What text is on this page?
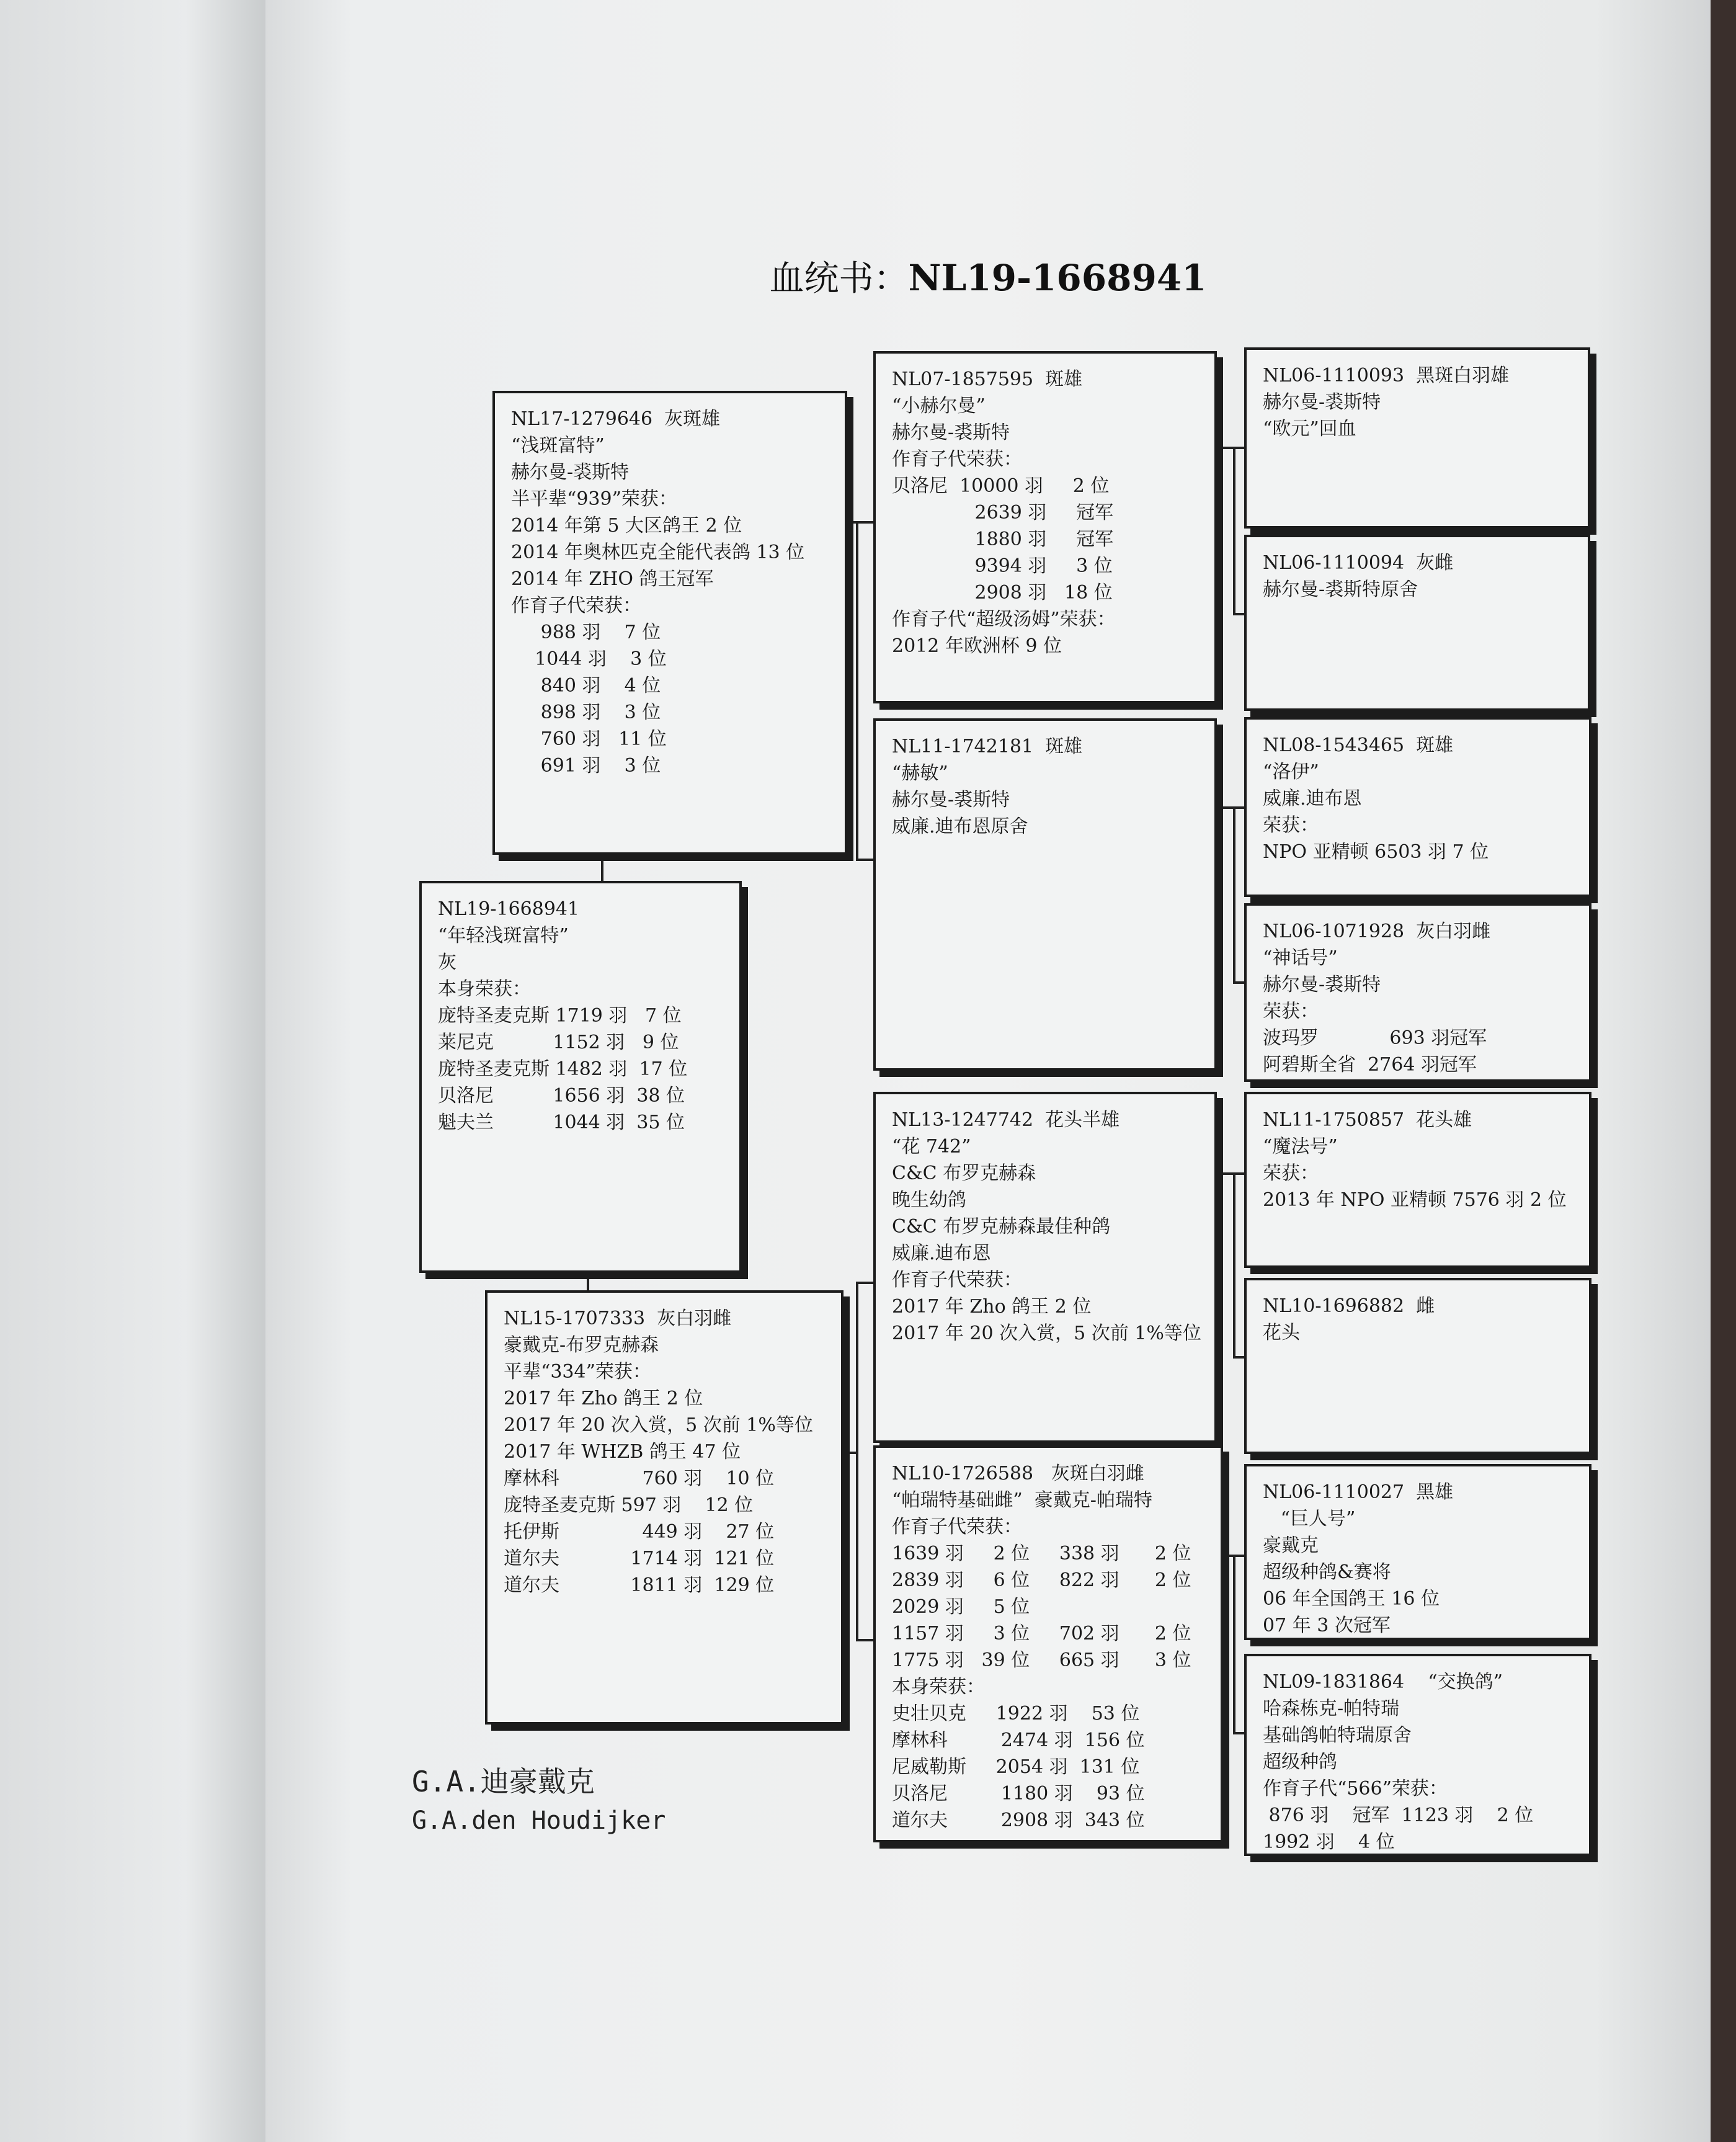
血统书：NL19-1668941
NL17-1279646  灰斑雄
“浅斑富特”
赫尔曼-裘斯特
半平辈“939”荣获：
2014 年第 5 大区鸽王 2 位
2014 年奥林匹克全能代表鸽 13 位
2014 年 ZHO 鸽王冠军
作育子代荣获：
988 羽    7 位
1044 羽    3 位
840 羽    4 位
898 羽    3 位
760 羽   11 位
691 羽    3 位
NL19-1668941
“年轻浅斑富特”
灰
本身荣获：
庞特圣麦克斯 1719 羽   7 位
莱尼克          1152 羽   9 位
庞特圣麦克斯 1482 羽  17 位
贝洛尼          1656 羽  38 位
魁夫兰          1044 羽  35 位
NL15-1707333  灰白羽雌
豪戴克-布罗克赫森
平辈“334”荣获：
2017 年 Zho 鸽王 2 位
2017 年 20 次入赏，5 次前 1%等位
2017 年 WHZB 鸽王 47 位
摩林科              760 羽    10 位
庞特圣麦克斯 597 羽    12 位
托伊斯              449 羽    27 位
道尔夫            1714 羽  121 位
道尔夫            1811 羽  129 位
NL07-1857595  斑雄
“小赫尔曼”
赫尔曼-裘斯特
作育子代荣获：
贝洛尼  10000 羽     2 位
2639 羽     冠军
1880 羽     冠军
9394 羽     3 位
2908 羽   18 位
作育子代“超级汤姆”荣获：
2012 年欧洲杯 9 位
NL11-1742181  斑雄
“赫敏”
赫尔曼-裘斯特
威廉.迪布恩原舍
NL13-1247742  花头半雄
“花 742”
C&C 布罗克赫森
晚生幼鸽
C&C 布罗克赫森最佳种鸽
威廉.迪布恩
作育子代荣获：
2017 年 Zho 鸽王 2 位
2017 年 20 次入赏，5 次前 1%等位
NL10-1726588   灰斑白羽雌
“帕瑞特基础雌”  豪戴克-帕瑞特
作育子代荣获：
1639 羽     2 位     338 羽      2 位
2839 羽     6 位     822 羽      2 位
2029 羽     5 位
1157 羽     3 位     702 羽      2 位
1775 羽   39 位     665 羽      3 位
本身荣获：
史壮贝克     1922 羽    53 位
摩林科         2474 羽  156 位
尼威勒斯     2054 羽  131 位
贝洛尼         1180 羽    93 位
道尔夫         2908 羽  343 位
NL06-1110093  黑斑白羽雄
赫尔曼-裘斯特
“欧元”回血
NL06-1110094  灰雌
赫尔曼-裘斯特原舍
NL08-1543465  斑雄
“洛伊”
威廉.迪布恩
荣获：
NPO 亚精顿 6503 羽 7 位
NL06-1071928  灰白羽雌
“神话号”
赫尔曼-裘斯特
荣获：
波玛罗            693 羽冠军
阿碧斯全省  2764 羽冠军
NL11-1750857  花头雄
“魔法号”
荣获：
2013 年 NPO 亚精顿 7576 羽 2 位
NL10-1696882  雌
花头
NL06-1110027  黑雄
“巨人号”
豪戴克
超级种鸽&赛将
06 年全国鸽王 16 位
07 年 3 次冠军
NL09-1831864    “交换鸽”
哈森栋克-帕特瑞
基础鸽帕特瑞原舍
超级种鸽
作育子代“566”荣获：
876 羽    冠军  1123 羽    2 位
1992 羽    4 位
G.A.迪豪戴克
G.A.den Houdijker
